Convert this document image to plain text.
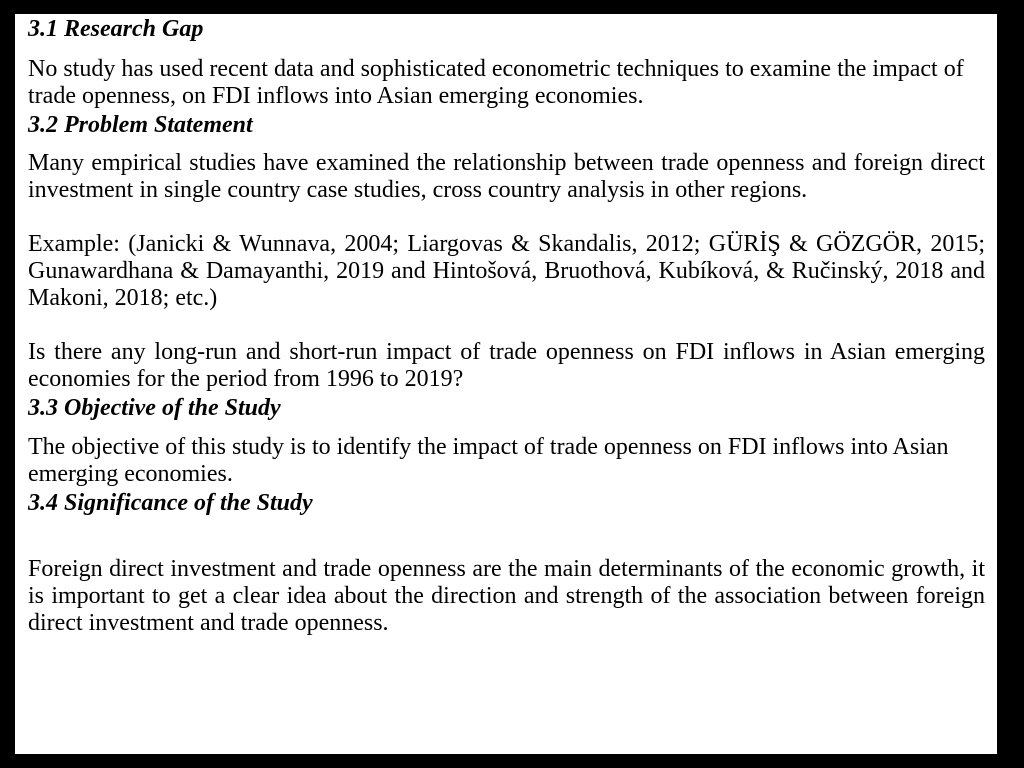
3.1 Research Gap

No study has used recent data and sophisticated econometric techniques to examine the impact of trade openness, on FDI inflows into Asian emerging economies.

3.2 Problem Statement

Many empirical studies have examined the relationship between trade openness and foreign direct investment in single country case studies, cross country analysis in other regions.

Example: (Janicki & Wunnava, 2004; Liargovas & Skandalis, 2012; GÜRİŞ & GÖZGÖR, 2015; Gunawardhana & Damayanthi, 2019 and Hintošová, Bruothová, Kubíková, & Ručinský, 2018 and Makoni, 2018; etc.)

Is there any long-run and short-run impact of trade openness on FDI inflows in Asian emerging economies for the period from 1996 to 2019?

3.3 Objective of the Study

The objective of this study is to identify the impact of trade openness on FDI inflows into Asian emerging economies.

3.4 Significance of the Study

Foreign direct investment and trade openness are the main determinants of the economic growth, it is important to get a clear idea about the direction and strength of the association between foreign direct investment and trade openness.
